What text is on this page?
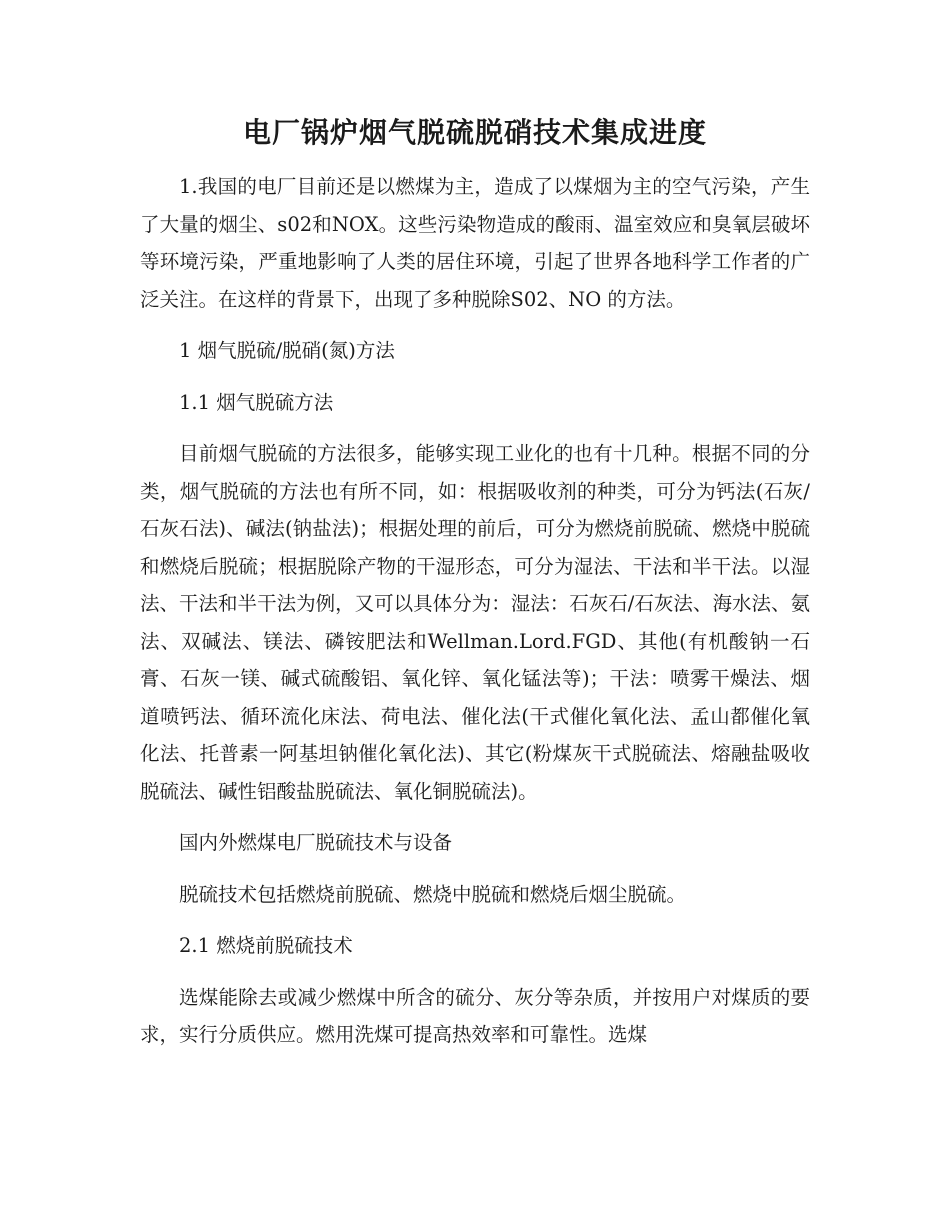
电厂锅炉烟气脱硫脱硝技术集成进度

1.我国的电厂目前还是以燃煤为主，造成了以煤烟为主的空气污染，产生了大量的烟尘、s02和NOX。这些污染物造成的酸雨、温室效应和臭氧层破坏等环境污染，严重地影响了人类的居住环境，引起了世界各地科学工作者的广泛关注。在这样的背景下，出现了多种脱除S02、NO 的方法。

1 烟气脱硫/脱硝(氮)方法

1.1 烟气脱硫方法

目前烟气脱硫的方法很多，能够实现工业化的也有十几种。根据不同的分类，烟气脱硫的方法也有所不同，如：根据吸收剂的种类，可分为钙法(石灰/石灰石法)、碱法(钠盐法)；根据处理的前后，可分为燃烧前脱硫、燃烧中脱硫和燃烧后脱硫；根据脱除产物的干湿形态，可分为湿法、干法和半干法。以湿法、干法和半干法为例，又可以具体分为：湿法：石灰石/石灰法、海水法、氨法、双碱法、镁法、磷铵肥法和Wellman.Lord.FGD、其他(有机酸钠一石膏、石灰一镁、碱式硫酸铝、氧化锌、氧化锰法等)；干法：喷雾干燥法、烟道喷钙法、循环流化床法、荷电法、催化法(干式催化氧化法、孟山都催化氧化法、托普素一阿基坦钠催化氧化法)、其它(粉煤灰干式脱硫法、熔融盐吸收脱硫法、碱性铝酸盐脱硫法、氧化铜脱硫法)。

国内外燃煤电厂脱硫技术与设备

脱硫技术包括燃烧前脱硫、燃烧中脱硫和燃烧后烟尘脱硫。

2.1 燃烧前脱硫技术

选煤能除去或减少燃煤中所含的硫分、灰分等杂质，并按用户对煤质的要求，实行分质供应。燃用洗煤可提高热效率和可靠性。选煤
